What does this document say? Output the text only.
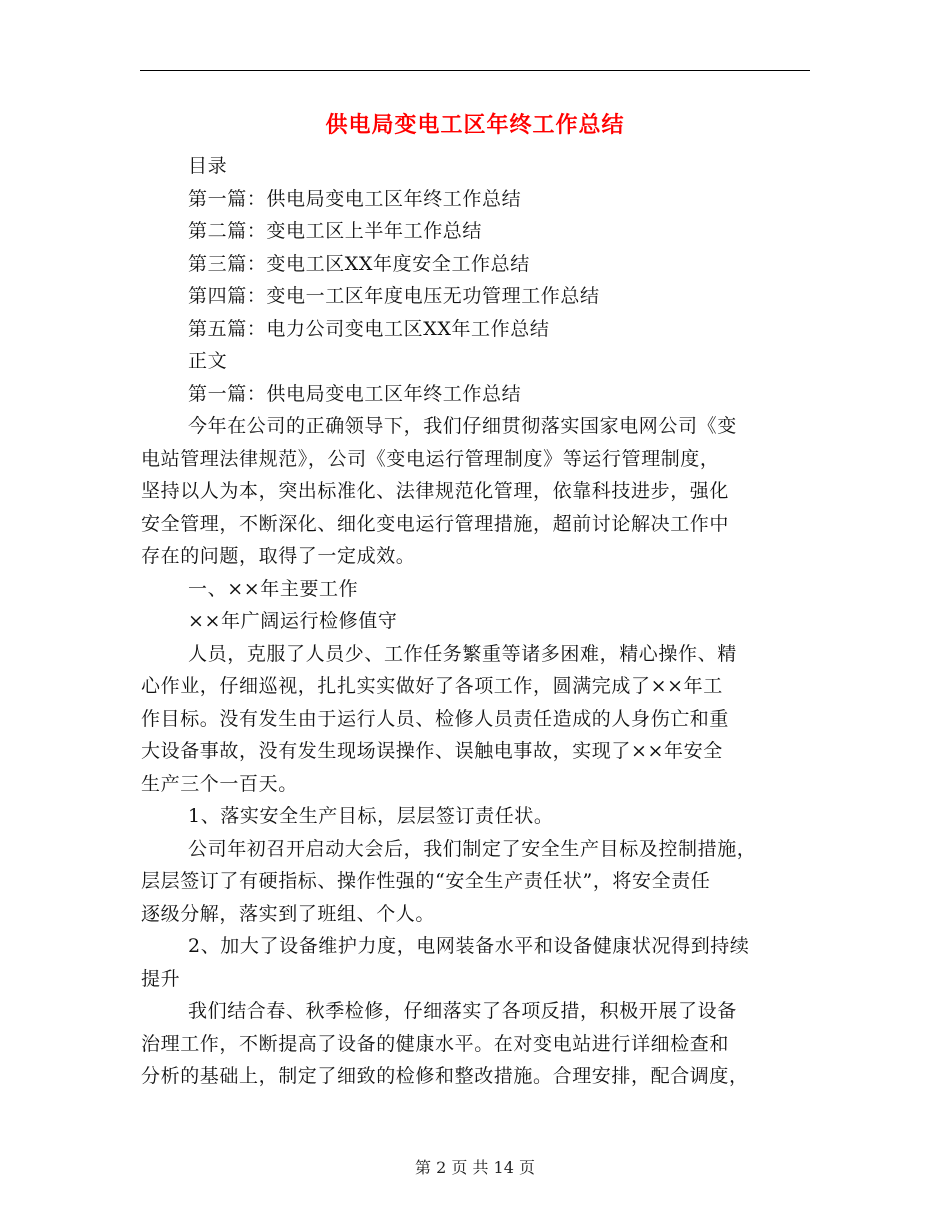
供电局变电工区年终工作总结
目录
第一篇：供电局变电工区年终工作总结
第二篇：变电工区上半年工作总结
第三篇：变电工区XX年度安全工作总结
第四篇：变电一工区年度电压无功管理工作总结
第五篇：电力公司变电工区XX年工作总结
正文
第一篇：供电局变电工区年终工作总结
今年在公司的正确领导下，我们仔细贯彻落实国家电网公司《变
电站管理法律规范》，公司《变电运行管理制度》等运行管理制度，
坚持以人为本，突出标准化、法律规范化管理，依靠科技进步，强化
安全管理，不断深化、细化变电运行管理措施，超前讨论解决工作中
存在的问题，取得了一定成效。
一、××年主要工作
××年广阔运行检修值守
人员，克服了人员少、工作任务繁重等诸多困难，精心操作、精
心作业，仔细巡视，扎扎实实做好了各项工作，圆满完成了××年工
作目标。没有发生由于运行人员、检修人员责任造成的人身伤亡和重
大设备事故，没有发生现场误操作、误触电事故，实现了××年安全
生产三个一百天。
1、落实安全生产目标，层层签订责任状。
公司年初召开启动大会后，我们制定了安全生产目标及控制措施，
层层签订了有硬指标、操作性强的“安全生产责任状”，将安全责任
逐级分解，落实到了班组、个人。
2、加大了设备维护力度，电网装备水平和设备健康状况得到持续
提升
我们结合春、秋季检修，仔细落实了各项反措，积极开展了设备
治理工作，不断提高了设备的健康水平。在对变电站进行详细检查和
分析的基础上，制定了细致的检修和整改措施。合理安排，配合调度，
第 2 页 共 14 页
